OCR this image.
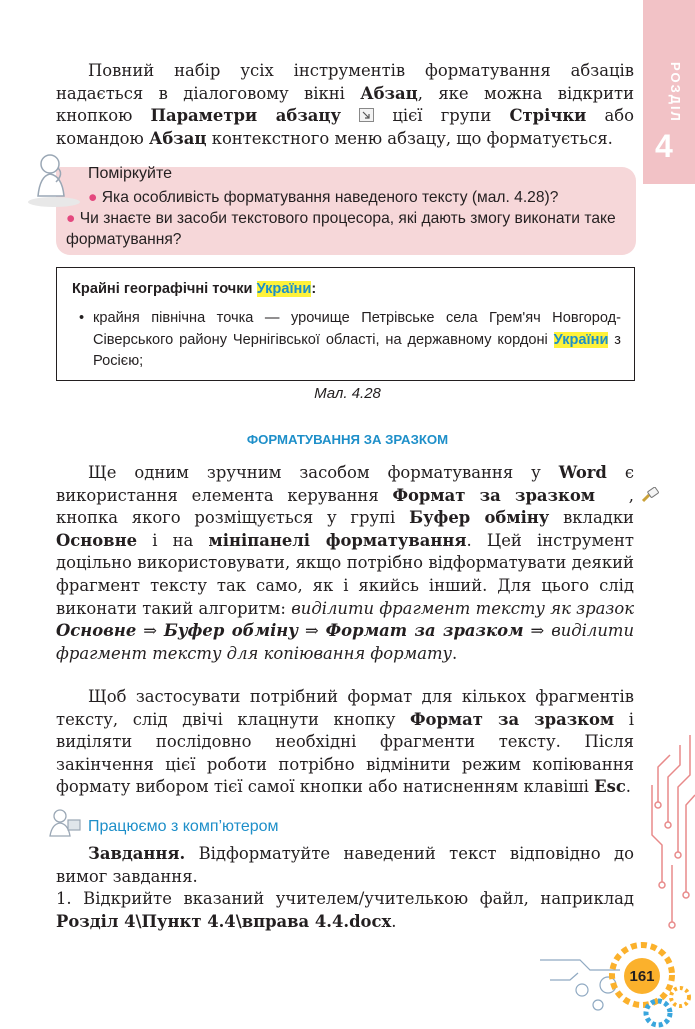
РОЗДІЛ
4

Повний набір усіх інструментів форматування абзаців надається в діалоговому вікні Абзац, яке можна відкрити кнопкою Параметри абзацу
цієї групи Стрічки або командою Абзац контекстного меню абзацу, що форматується.

Поміркуйте

● Яка особливість форматування наведеного тексту (мал. 4.28)?

● Чи знаєте ви засоби текстового процесора, які дають змогу виконати таке форматування?

Крайні географічні точки України:

• крайня північна точка — урочище Петрівське села Грем'яч Новгород-Сіверського району Чернігівської області, на державному кордоні України з Росією;

Мал. 4.28

ФОРМАТУВАННЯ ЗА ЗРАЗКОМ

Ще одним зручним засобом форматування у Word є використання елемента керування Формат за зразком , кнопка якого розміщується у групі Буфер обміну вкладки Основне і на мініпанелі форматування. Цей інструмент доцільно використовувати, якщо потрібно відформатувати деякий фрагмент тексту так само, як і якийсь інший. Для цього слід виконати такий алгоритм: виділити фрагмент тексту як зразок Основне ⇒ Буфер обміну ⇒ Формат за зразком ⇒ виділити фрагмент тексту для копіювання формату.

Щоб застосувати потрібний формат для кількох фрагментів тексту, слід двічі клацнути кнопку Формат за зразком і виділяти послідовно необхідні фрагменти тексту. Після закінчення цієї роботи потрібно відмінити режим копіювання формату вибором тієї самої кнопки або натисненням клавіші Esc.

Працюємо з комп’ютером

Завдання. Відформатуйте наведений текст відповідно до вимог завдання.

1. Відкрийте вказаний учителем/учителькою файл, наприклад Розділ 4\Пункт 4.4\вправа 4.4.docx.

161
